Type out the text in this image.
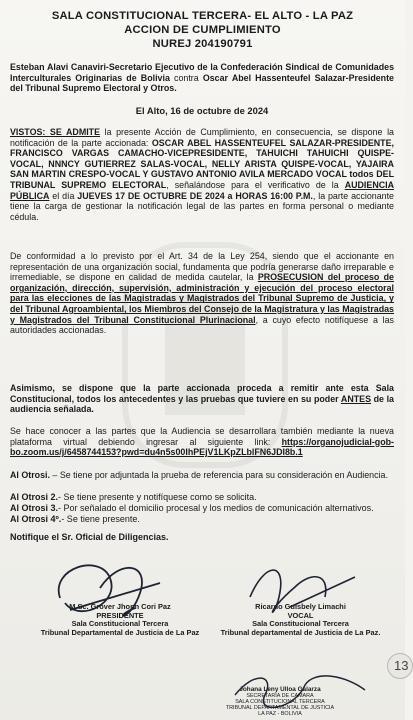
SALA CONSTITUCIONAL TERCERA- EL ALTO - LA PAZ
ACCION DE CUMPLIMIENTO
NUREJ 204190791
Esteban Alavi Canaviri-Secretario Ejecutivo de la Confederación Sindical de Comunidades Interculturales Originarias de Bolivia contra Oscar Abel Hassenteufel Salazar-Presidente del Tribunal Supremo Electoral y Otros.
El Alto, 16 de octubre de 2024
VISTOS: SE ADMITE la presente Acción de Cumplimiento, en consecuencia, se dispone la notificación de la parte accionada: OSCAR ABEL HASSENTEUFEL SALAZAR-PRESIDENTE, FRANCISCO VARGAS CAMACHO-VICEPRESIDENTE, TAHUICHI TAHUICHI QUISPE-VOCAL, NNNCY GUTIERREZ SALAS-VOCAL, NELLY ARISTA QUISPE-VOCAL, YAJAIRA SAN MARTIN CRESPO-VOCAL Y GUSTAVO ANTONIO AVILA MERCADO VOCAL todos DEL TRIBUNAL SUPREMO ELECTORAL, señalándose para el verificativo de la AUDIENCIA PÚBLICA el día JUEVES 17 DE OCTUBRE DE 2024 a HORAS 16:00 P.M., la parte accionante tiene la carga de gestionar la notificación legal de las partes en forma personal o mediante cédula.
De conformidad a lo previsto por el Art. 34 de la Ley 254, siendo que el accionante en representación de una organización social, fundamenta que podría generarse daño irreparable e irremediable, se dispone en calidad de medida cautelar, la PROSECUSION del proceso de organización, dirección, supervisión, administración y ejecución del proceso electoral para las elecciones de las Magistradas y Magistrados del Tribunal Supremo de Justicia, y del Tribunal Agroambiental, los Miembros del Consejo de la Magistratura y las Magistradas y Magistrados del Tribunal Constitucional Plurinacional, a cuyo efecto notifíquese a las autoridades accionadas.
Asimismo, se dispone que la parte accionada proceda a remitir ante esta Sala Constitucional, todos los antecedentes y las pruebas que tuviere en su poder ANTES de la audiencia señalada.
Se hace conocer a las partes que la Audiencia se desarrollara también mediante la nueva plataforma virtual debiendo ingresar al siguiente link: https://organojudicial-gob-bo.zoom.us/j/6458744153?pwd=du4n5s00IhPEjV1LKpZLblFN6JDI8b.1
Al Otrosi. – Se tiene por adjuntada la prueba de referencia para su consideración en Audiencia.
Al Otrosi 2.- Se tiene presente y notifíquese como se solicita.
Al Otrosi 3.- Por señalado el domicilio procesal y los medios de comunicación alternativos.
Al Otrosi 4º.- Se tiene presente.
Notifique el Sr. Oficial de Diligencias.
M.Sc. Grover Jhonn Cori Paz
PRESIDENTE
Sala Constitucional Tercera
Tribunal Departamental de Justicia de La Paz
Ricardo Guisbely Limachi
VOCAL
Sala Constitucional Tercera
Tribunal departamental de Justicia de La Paz.
Johana Leny Ulloa Galarza
SECRETARIA DE CAMARA
SALA CONSTITUCIONAL TERCERA
TRIBUNAL DEPARTAMENTAL DE JUSTICIA
LA PAZ - BOLIVIA
13
